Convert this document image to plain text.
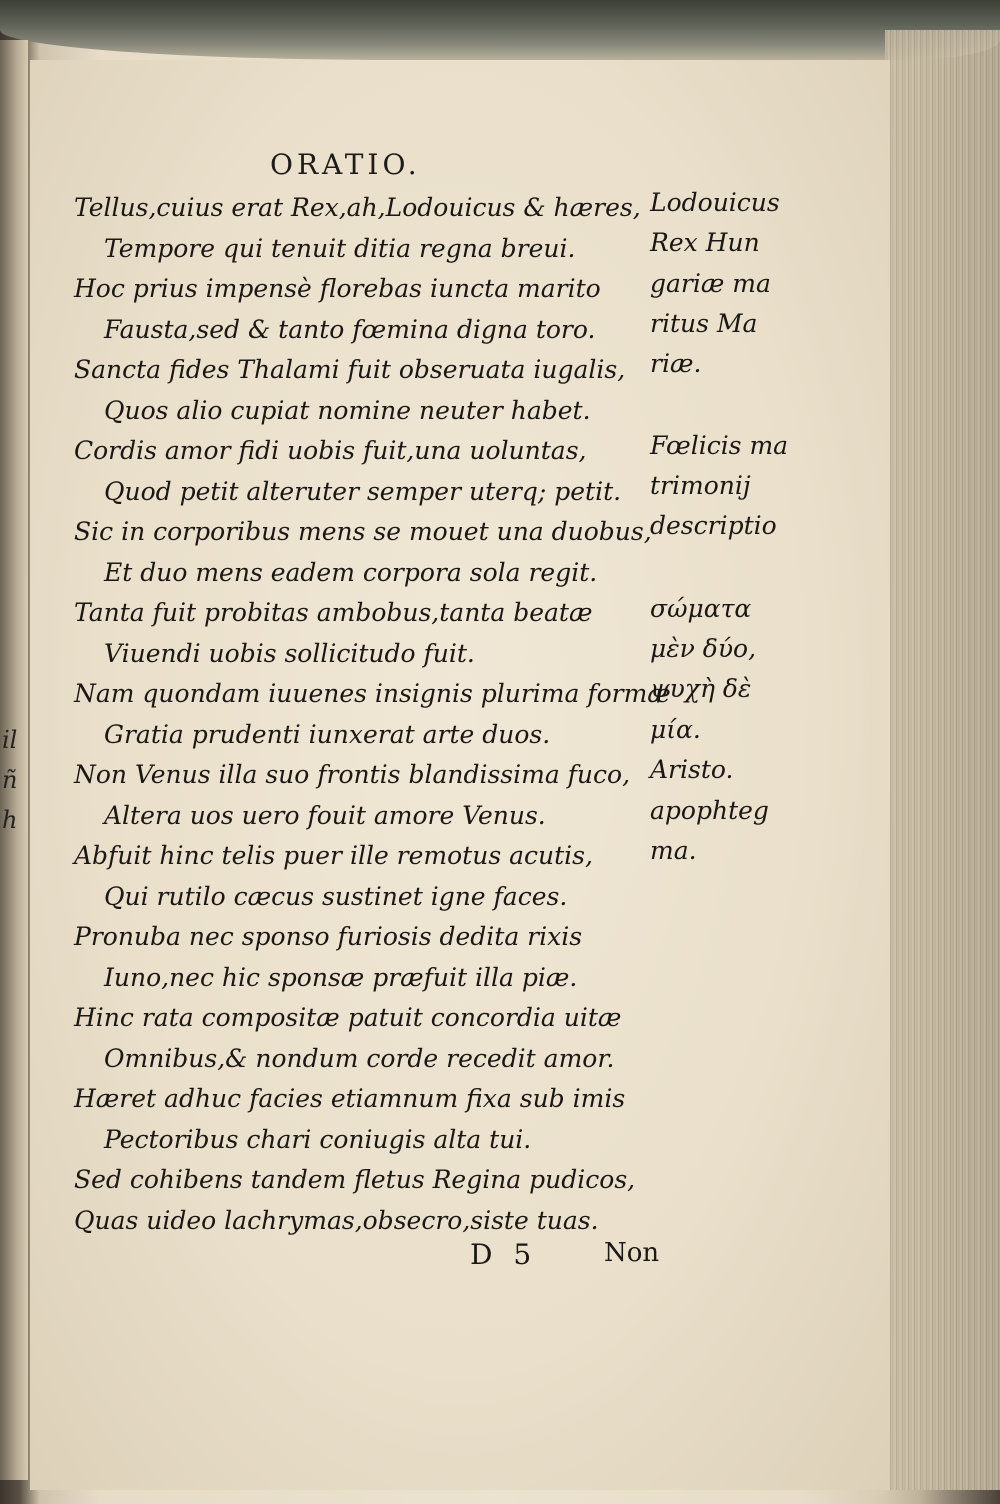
il
ñ
h
ORATIO.
Tellus,cuius erat Rex,ah,Lodouicus & hæres,
Tempore qui tenuit ditia regna breui.
Hoc prius impensè florebas iuncta marito
Fausta,sed & tanto fœmina digna toro.
Sancta fides Thalami fuit obseruata iugalis,
Quos alio cupiat nomine neuter habet.
Cordis amor fidi uobis fuit,una uoluntas,
Quod petit alteruter semper uterq; petit.
Sic in corporibus mens se mouet una duobus,
Et duo mens eadem corpora sola regit.
Tanta fuit probitas ambobus,tanta beatæ
Viuendi uobis sollicitudo fuit.
Nam quondam iuuenes insignis plurima formæ
Gratia prudenti iunxerat arte duos.
Non Venus illa suo frontis blandissima fuco,
Altera uos uero fouit amore Venus.
Abfuit hinc telis puer ille remotus acutis,
Qui rutilo cæcus sustinet igne faces.
Pronuba nec sponso furiosis dedita rixis
Iuno,nec hic sponsæ præfuit illa piæ.
Hinc rata compositæ patuit concordia uitæ
Omnibus,& nondum corde recedit amor.
Hæret adhuc facies etiamnum fixa sub imis
Pectoribus chari coniugis alta tui.
Sed cohibens tandem fletus Regina pudicos,
Quas uideo lachrymas,obsecro,siste tuas.
Lodouicus
Rex Hun
gariæ ma
ritus Ma
riæ.
Fœlicis ma
trimonij
descriptio
σώματα
μὲν δύο,
ψυχὴ δὲ
μία.
Aristo.
apophteg
ma.
D 5	Non
